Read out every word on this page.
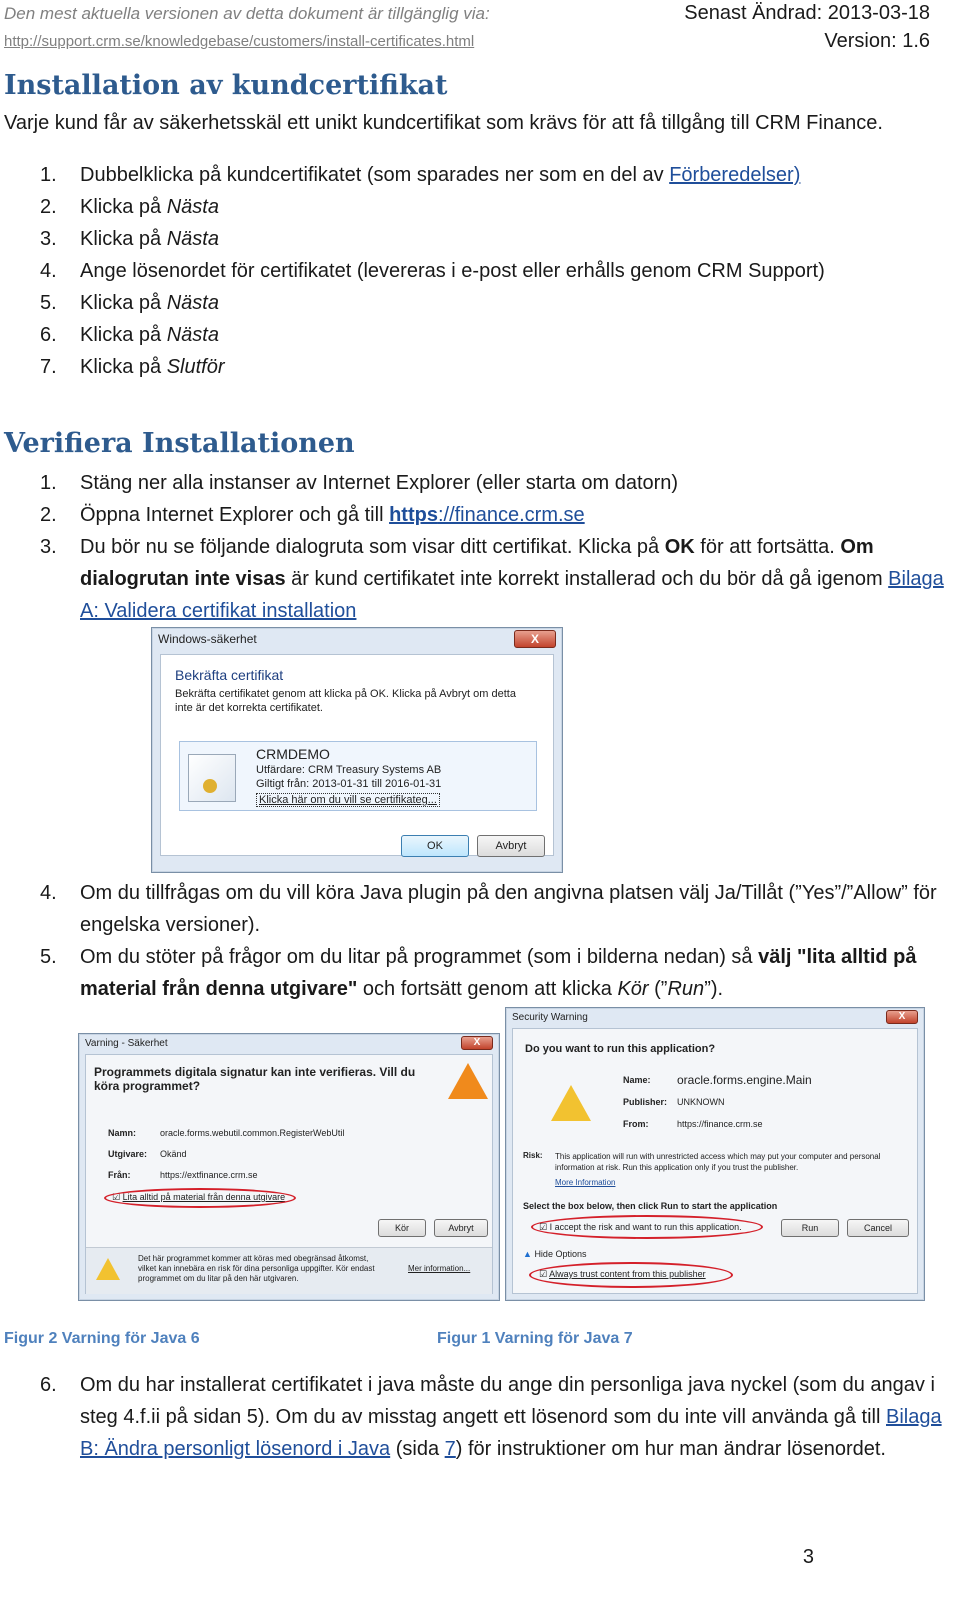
Den mest aktuella versionen av detta dokument är tillgänglig via:
http://support.crm.se/knowledgebase/customers/install-certificates.html
Senast Ändrad: 2013-03-18
Version: 1.6
Installation av kundcertifikat
Varje kund får av säkerhetsskäl ett unikt kundcertifikat som krävs för att få tillgång till CRM Finance.
1. Dubbelklicka på kundcertifikatet (som sparades ner som en del av Förberedelser)
2. Klicka på Nästa
3. Klicka på Nästa
4. Ange lösenordet för certifikatet (levereras i e-post eller erhålls genom CRM Support)
5. Klicka på Nästa
6. Klicka på Nästa
7. Klicka på Slutför
Verifiera Installationen
1. Stäng ner alla instanser av Internet Explorer (eller starta om datorn)
2. Öppna Internet Explorer och gå till https://finance.crm.se
3. Du bör nu se följande dialogruta som visar ditt certifikat. Klicka på OK för att fortsätta. Om dialogrutan inte visas är kund certifikatet inte korrekt installerad och du bör då gå igenom Bilaga A: Validera certifikat installation
Windows-säkerhet	X
Bekräfta certifikat
Bekräfta certifikatet genom att klicka på OK. Klicka på Avbryt om detta inte är det korrekta certifikatet.
CRMDEMO
Utfärdare: CRM Treasury Systems AB
Giltigt från: 2013-01-31 till 2016-01-31
Klicka här om du vill se certifikateg...
OK	Avbryt
4. Om du tillfrågas om du vill köra Java plugin på den angivna platsen välj Ja/Tillåt (”Yes”/”Allow” för engelska versioner).
5. Om du stöter på frågor om du litar på programmet (som i bilderna nedan) så välj "lita alltid på material från denna utgivare" och fortsätt genom att klicka Kör (”Run”).
Varning - Säkerhet	X
Programmets digitala signatur kan inte verifieras. Vill du köra programmet?
Namn:	oracle.forms.webutil.common.RegisterWebUtil
Utgivare: Okänd
Från:	https://extfinance.crm.se
☑ Lita alltid på material från denna utgivare
Kör	Avbryt
Det här programmet kommer att köras med obegränsad åtkomst, vilket kan innebära en risk för dina personliga uppgifter. Kör endast programmet om du litar på den här utgivaren.
Mer information...
Security Warning	X
Do you want to run this application?
Name: oracle.forms.engine.Main
Publisher: UNKNOWN
From:	https://finance.crm.se
Risk: This application will run with unrestricted access which may put your computer and personal information at risk. Run this application only if you trust the publisher.
More Information
Select the box below, then click Run to start the application
☑ I accept the risk and want to run this application.	Run	Cancel
▲ Hide Options
☑ Always trust content from this publisher
Figur 2 Varning för Java 6	Figur 1 Varning för Java 7
6. Om du har installerat certifikatet i java måste du ange din personliga java nyckel (som du angav i steg 4.f.ii på sidan 5). Om du av misstag angett ett lösenord som du inte vill använda gå till Bilaga B: Ändra personligt lösenord i Java (sida 7) för instruktioner om hur man ändrar lösenordet.
3
